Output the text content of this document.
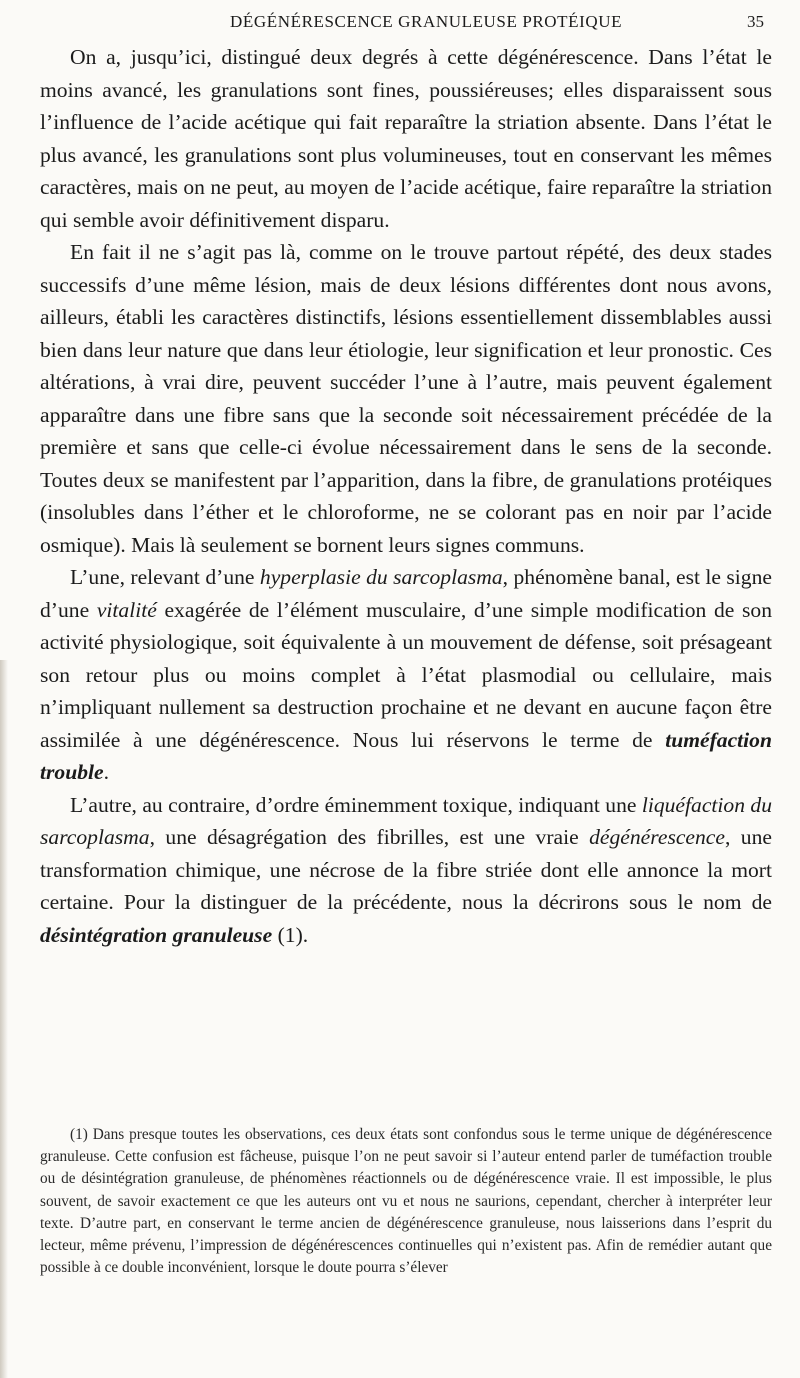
DÉGÉNÉRESCENCE GRANULEUSE PROTÉIQUE	35

On a, jusqu’ici, distingué deux degrés à cette dégénérescence. Dans l’état le moins avancé, les granulations sont fines, poussiéreuses; elles disparaissent sous l’influence de l’acide acétique qui fait reparaître la striation absente. Dans l’état le plus avancé, les granulations sont plus volumineuses, tout en conservant les mêmes caractères, mais on ne peut, au moyen de l’acide acétique, faire reparaître la striation qui semble avoir définitivement disparu.

En fait il ne s’agit pas là, comme on le trouve partout répété, des deux stades successifs d’une même lésion, mais de deux lésions différentes dont nous avons, ailleurs, établi les caractères distinctifs, lésions essentiellement dissemblables aussi bien dans leur nature que dans leur étiologie, leur signification et leur pronostic. Ces altérations, à vrai dire, peuvent succéder l’une à l’autre, mais peuvent également apparaître dans une fibre sans que la seconde soit nécessairement précédée de la première et sans que celle-ci évolue nécessairement dans le sens de la seconde. Toutes deux se manifestent par l’apparition, dans la fibre, de granulations protéiques (insolubles dans l’éther et le chloroforme, ne se colorant pas en noir par l’acide osmique). Mais là seulement se bornent leurs signes communs.

L’une, relevant d’une hyperplasie du sarcoplasma, phénomène banal, est le signe d’une vitalité exagérée de l’élément musculaire, d’une simple modification de son activité physiologique, soit équivalente à un mouvement de défense, soit présageant son retour plus ou moins complet à l’état plasmodial ou cellulaire, mais n’impliquant nullement sa destruction prochaine et ne devant en aucune façon être assimilée à une dégénérescence. Nous lui réservons le terme de tuméfaction trouble.

L’autre, au contraire, d’ordre éminemment toxique, indiquant une liquéfaction du sarcoplasma, une désagrégation des fibrilles, est une vraie dégénérescence, une transformation chimique, une nécrose de la fibre striée dont elle annonce la mort certaine. Pour la distinguer de la précédente, nous la décrirons sous le nom de désintégration granuleuse (1).

(1) Dans presque toutes les observations, ces deux états sont confondus sous le terme unique de dégénérescence granuleuse. Cette confusion est fâcheuse, puisque l’on ne peut savoir si l’auteur entend parler de tuméfaction trouble ou de désintégration granuleuse, de phénomènes réactionnels ou de dégénérescence vraie. Il est impossible, le plus souvent, de savoir exactement ce que les auteurs ont vu et nous ne saurions, cependant, chercher à interpréter leur texte. D’autre part, en conservant le terme ancien de dégénérescence granuleuse, nous laisserions dans l’esprit du lecteur, même prévenu, l’impression de dégénérescences continuelles qui n’existent pas. Afin de remédier autant que possible à ce double inconvénient, lorsque le doute pourra s’élever
